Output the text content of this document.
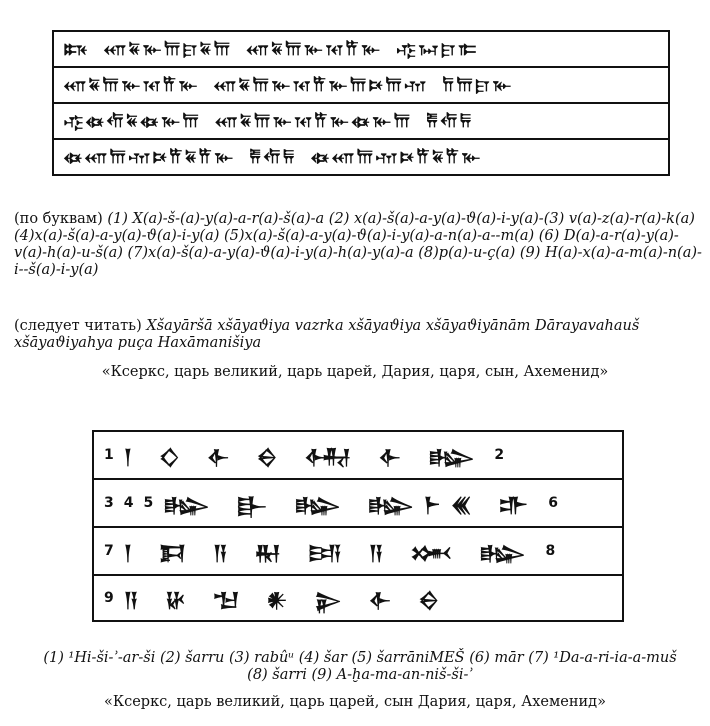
𐏈 𐎧𐏁𐎹𐎠𐎼𐏁𐎠 𐎧𐏁𐎠𐎹𐎰𐎡𐎹 𐎺𐏀𐎼𐎣
𐎧𐏁𐎠𐎹𐎰𐎡𐎹 𐎧𐏁𐎠𐎹𐎰𐎡𐎹𐎠𐎴𐎠𐎶 𐎭𐎠𐎼𐎹
𐎺𐏃𐎢𐏁𐏃𐎹𐎠 𐎧𐏁𐎠𐎹𐎰𐎡𐎹𐏃𐎹𐎠 𐎱𐎢𐏂
𐏃𐎧𐎠𐎶𐎴𐎡𐏁𐎡𐎹 𐎱𐎢𐏂 𐏃𐎧𐎠𐎶𐎴𐎡𐏁𐎡𐎹
(по буквам) (1) X(a)-š-(a)-y(a)-a-r(a)-š(a)-a (2) x(a)-š(a)-a-y(a)-ϑ(a)-i-y(a)-(3) v(a)-z(a)-r(a)-k(a) (4)x(a)-š(a)-a-y(a)-ϑ(a)-i-y(a) (5)x(a)-š(a)-a-y(a)-ϑ(a)-i-y(a)-a-n(a)-a--m(a) (6) D(a)-a-r(a)-y(a)-v(a)-h(a)-u-š(a) (7)x(a)-š(a)-a-y(a)-ϑ(a)-i-y(a)-h(a)-y(a)-a (8)p(a)-u-ç(a) (9) H(a)-x(a)-a-m(a)-n(a)-i--š(a)-i-y(a)
(следует читать) Xšayāršā xšāyaϑiya vazrka xšāyaϑiya xšāyaϑiyānām Dārayavahauš xšāyaϑiyahya puça Haxāmanišiya
«Ксеркс, царь великий, царь царей, Дария, царя, сын, Ахеменид»
1 𒁹 𒄭 𒅆 𒀪 𒅈 𒅆 𒈗 2
3 4 5 𒈗 𒃲 𒈗 𒈗𒈨𒌍 𒈥 6
7 𒁹 𒁕 𒀀 𒊑 𒅀 𒀀 𒈲 𒈗 8
9 𒀀 𒄩 𒈠 𒀭 𒉌 𒅆 𒀪
(1) ¹Hi-ši-ʾ-ar-ši (2) šarru (3) rabûᵘ (4) šar (5) šarrāniMEŠ (6) mār (7) ¹Da-a-ri-ia-a-muš (8) šarri (9) A-ḫa-ma-an-niš-ši-ʾ
«Ксеркс, царь великий, царь царей, сын Дария, царя, Ахеменид»
